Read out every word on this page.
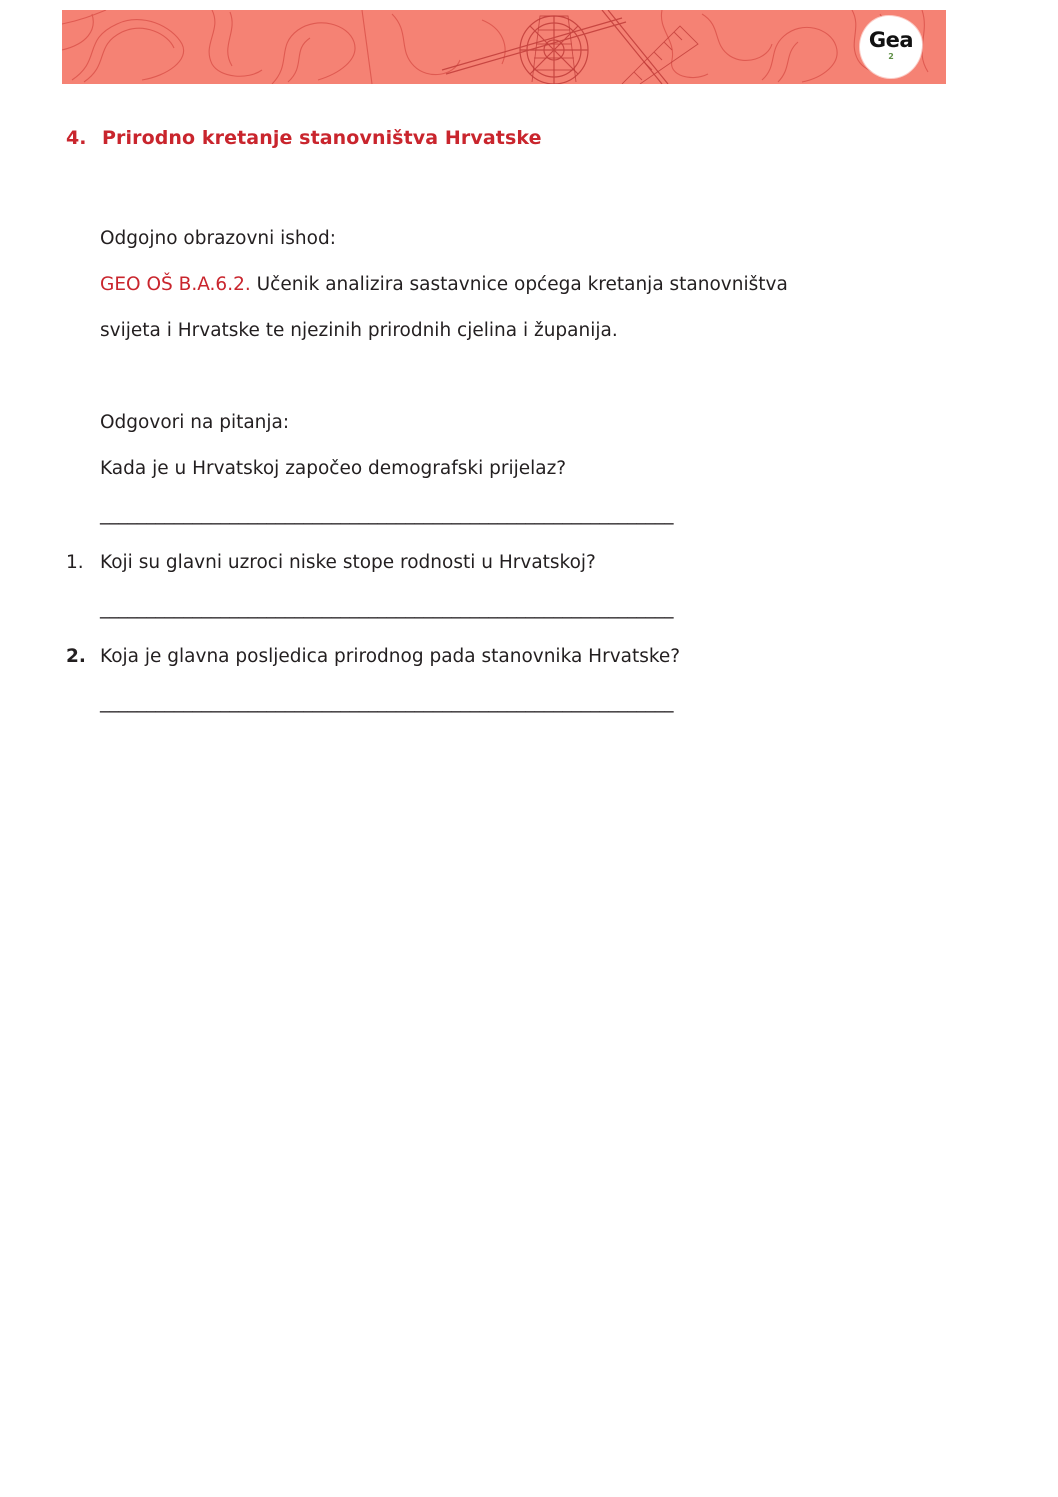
Gea
2
4. Prirodno kretanje stanovništva Hrvatske
Odgojno obrazovni ishod:
GEO OŠ B.A.6.2. Učenik analizira sastavnice općega kretanja stanovništva
svijeta i Hrvatske te njezinih prirodnih cjelina i županija.
Odgovori na pitanja:
Kada je u Hrvatskoj započeo demografski prijelaz?
______________________________________________________________
1. Koji su glavni uzroci niske stope rodnosti u Hrvatskoj?
______________________________________________________________
2. Koja je glavna posljedica prirodnog pada stanovnika Hrvatske?
______________________________________________________________
